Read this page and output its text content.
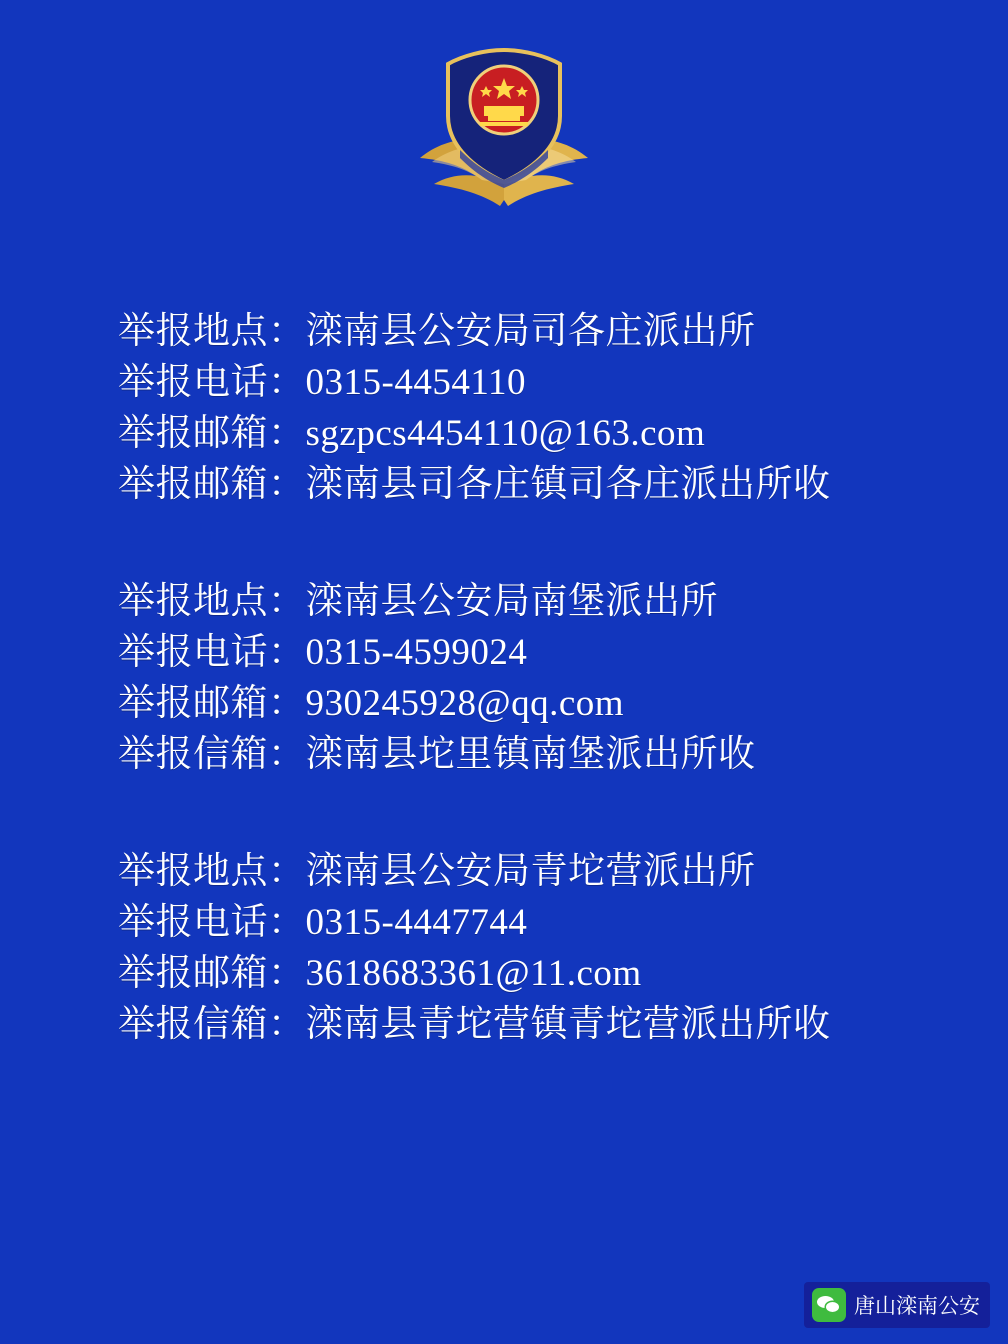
举报地点：滦南县公安局司各庄派出所
举报电话：0315-4454110
举报邮箱：sgzpcs4454110@163.com
举报邮箱：滦南县司各庄镇司各庄派出所收
举报地点：滦南县公安局南堡派出所
举报电话：0315-4599024
举报邮箱：930245928@qq.com
举报信箱：滦南县坨里镇南堡派出所收
举报地点：滦南县公安局青坨营派出所
举报电话：0315-4447744
举报邮箱：3618683361@11.com
举报信箱：滦南县青坨营镇青坨营派出所收
唐山滦南公安
